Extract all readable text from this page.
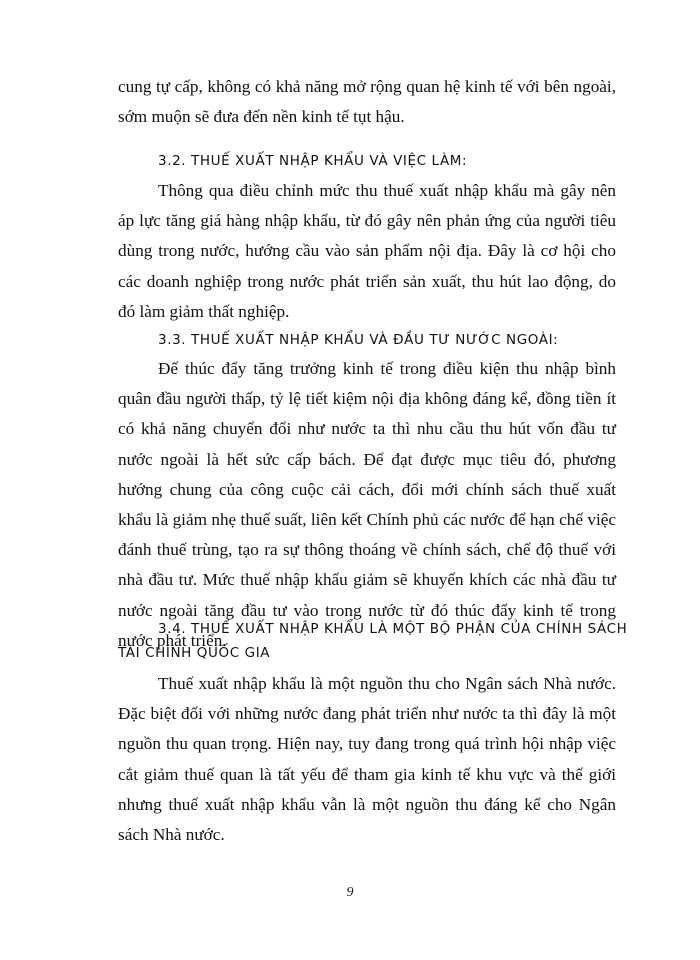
cung tự cấp, không có khả năng mở rộng quan hệ kinh tế với bên ngoài, sớm muộn sẽ đưa đến nền kinh tế tụt hậu.

3.2. THUẾ XUẤT NHẬP KHẨU VÀ VIỆC LÀM:

Thông qua điều chỉnh mức thu thuế xuất nhập khẩu mà gây nên áp lực tăng giá hàng nhập khẩu, từ đó gây nên phản ứng của người tiêu dùng trong nước, hướng cầu vào sản phẩm nội địa. Đây là cơ hội cho các doanh nghiệp trong nước phát triển sản xuất, thu hút lao động, do đó làm giảm thất nghiệp.

3.3. THUẾ XUẤT NHẬP KHẨU VÀ ĐẦU TƯ NƯỚC NGOÀI:

Để thúc đẩy tăng trưởng kinh tế trong điều kiện thu nhập bình quân đầu người thấp, tỷ lệ tiết kiệm nội địa không đáng kể, đồng tiền ít có khả năng chuyển đổi như nước ta thì nhu cầu thu hút vốn đầu tư nước ngoài là hết sức cấp bách. Để đạt được mục tiêu đó, phương hướng chung của công cuộc cải cách, đổi mới chính sách thuế xuất khẩu là giảm nhẹ thuế suất, liên kết Chính phủ các nước để hạn chế việc đánh thuế trùng, tạo ra sự thông thoáng về chính sách, chế độ thuế với nhà đầu tư. Mức thuế nhập khẩu giảm sẽ khuyến khích các nhà đầu tư nước ngoài tăng đầu tư vào trong nước từ đó thúc đẩy kinh tế trong nước phát triển.

3.4. THUẾ XUẤT NHẬP KHẨU LÀ MỘT BỘ PHẬN CỦA CHÍNH SÁCH

TÀI CHÍNH QUỐC GIA

Thuế xuất nhập khẩu là một nguồn thu cho Ngân sách Nhà nước. Đặc biệt đối với những nước đang phát triển như nước ta thì đây là một nguồn thu quan trọng. Hiện nay, tuy đang trong quá trình hội nhập việc cắt giảm thuế quan là tất yếu để tham gia kinh tế khu vực và thế giới nhưng thuế xuất nhập khẩu vẫn là một nguồn thu đáng kể cho Ngân sách Nhà nước.

9
